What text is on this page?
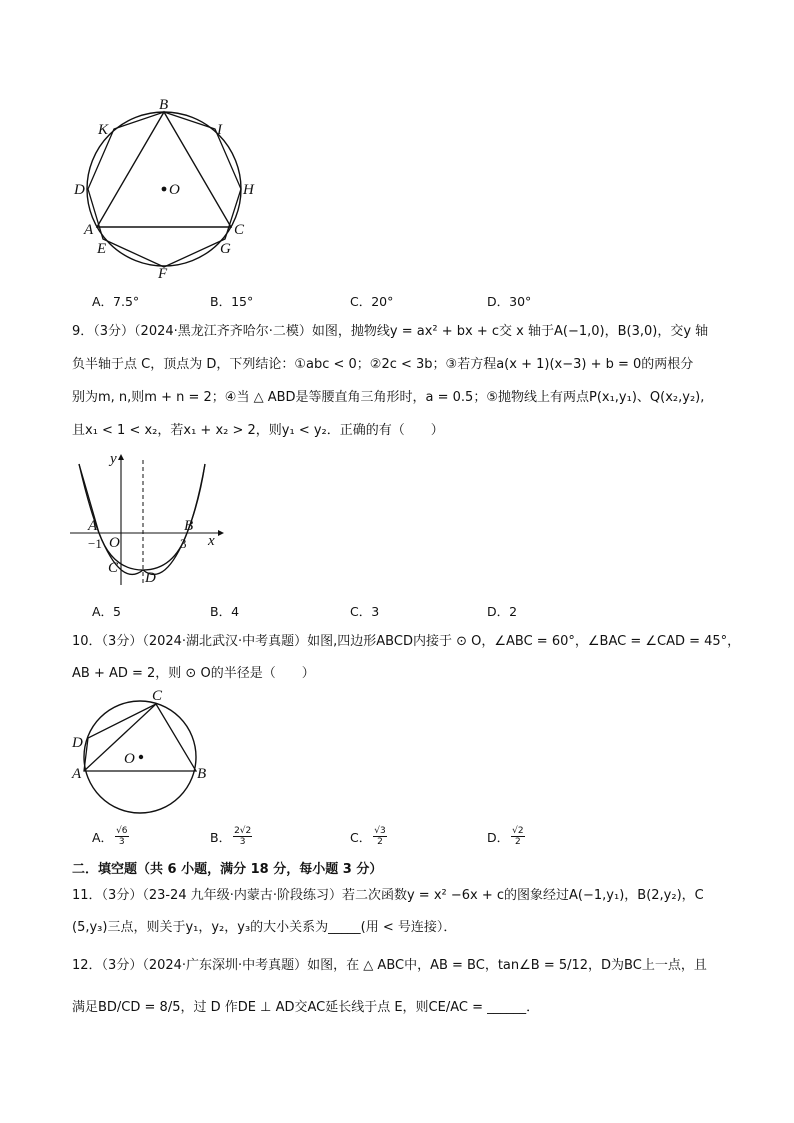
B
K	I
D	O	H
A	C
E	G
F
A．7.5°	B．15°	C．20°	D．30°
9．（3分）（2024·黑龙江齐齐哈尔·二模）如图，抛物线y = ax² + bx + c交 x 轴于A(−1,0)，B(3,0)，交y 轴
负半轴于点 C，顶点为 D，下列结论：①abc < 0；②2c < 3b；③若方程a(x + 1)(x−3) + b = 0的两根分
别为m, n,则m + n = 2；④当 △ ABD是等腰直角三角形时，a = 0.5；⑤抛物线上有两点P(x₁,y₁)、Q(x₂,y₂),
且x₁ < 1 < x₂，若x₁ + x₂ > 2，则y₁ < y₂．正确的有（　　）
y
x
A	B
O
−1	3
C
D
A．5	B．4	C．3	D．2
10．（3分）（2024·湖北武汉·中考真题）如图,四边形ABCD内接于 ⊙ O，∠ABC = 60°，∠BAC = ∠CAD = 45°，
AB + AD = 2，则 ⊙ O的半径是（　　）
C
D
A
O
B
A． $\frac{√6}{3}$	B． $\frac{2√2}{3}$	C． $\frac{√3}{2}$	D． $\frac{√2}{2}$
二．填空题（共 6 小题，满分 18 分，每小题 3 分）
11．（3分）（23-24 九年级·内蒙古·阶段练习）若二次函数y = x² −6x + c的图象经过A(−1,y₁)，B(2,y₂)，C
(5,y₃)三点，则关于y₁，y₂，y₃的大小关系为_____(用 < 号连接）．
12．（3分）（2024·广东深圳·中考真题）如图，在 △ ABC中，AB = BC，tan∠B = 5/12，D为BC上一点，且
满足BD/CD = 8/5，过 D 作DE ⊥ AD交AC延长线于点 E，则CE/AC = ______．
